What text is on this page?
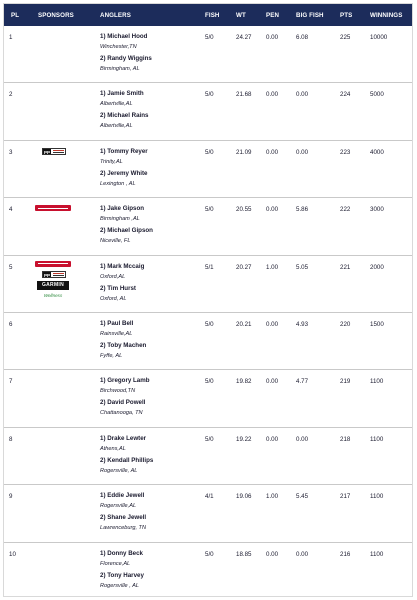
PL	SPONSORS	ANGLERS	FISH	WT	PEN	BIG FISH	PTS	WINNINGS
1	1) Michael Hood
Winchester,TN
2) Randy Wiggins
Birmingham, AL
5/0	24.27 0.00	6.08	225	10000
2	1) Jamie Smith
Albertville,AL
2) Michael Rains
Albertville,AL
5/0	21.68 0.00	0.00	224	5000
3	1) Tommy Reyer
Trinity,AL
2) Jeremy White
Lexington , AL
5/0	21.09 0.00	0.00	223	4000
PP
4	1) Jake Gipson
Birmingham ,AL
2) Michael Gipson
Niceville, FL
5/0	20.55 0.00	5.86	222	3000
5	1) Mark Mccaig
Oxford,AL
2) Tim Hurst
Oxford, AL
5/1	20.27 1.00	5.05	221	2000
PP
GARMIN
Wellness
6	1) Paul Bell
Rainsville,AL
2) Toby Machen
Fyffe, AL
5/0	20.21 0.00	4.93	220	1500
7	1) Gregory Lamb
Birchwood,TN
2) David Powell
Chattanooga, TN
5/0	19.82 0.00	4.77	219	1100
8	1) Drake Lewter
Athens,AL
2) Kendall Phillips
Rogersville, AL
5/0	19.22 0.00	0.00	218	1100
9	1) Eddie Jewell
Rogersville,AL
2) Shane Jewell
Lawrenceburg, TN
4/1	19.06 1.00	5.45	217	1100
10	1) Donny Beck
Florence,AL
2) Tony Harvey
Rogersville , AL
5/0	18.85 0.00	0.00	216	1100
